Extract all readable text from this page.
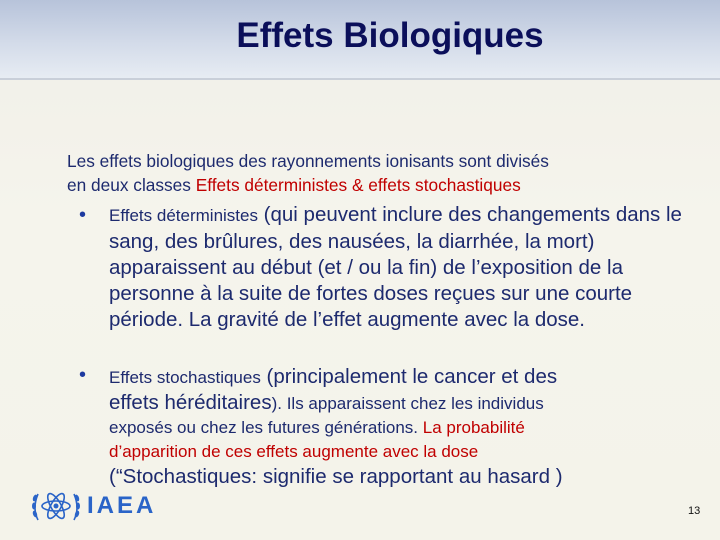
Effets Biologiques
Les effets biologiques des rayonnements ionisants sont divisés
en deux classes Effets déterministes & effets stochastiques
• Effets déterministes (qui peuvent inclure des changements dans le sang, des brûlures, des nausées, la diarrhée, la mort) apparaissent au début (et / ou la fin) de l’exposition de la personne à la suite de fortes doses reçues sur une courte période. La gravité de l’effet augmente avec la dose.
• Effets stochastiques (principalement le cancer et des
effets héréditaires). Ils apparaissent chez les individus
exposés ou chez les futures générations. La probabilité
d’apparition de ces effets augmente avec la dose
(“Stochastiques: signifie se rapportant au hasard )
IAEA	13
